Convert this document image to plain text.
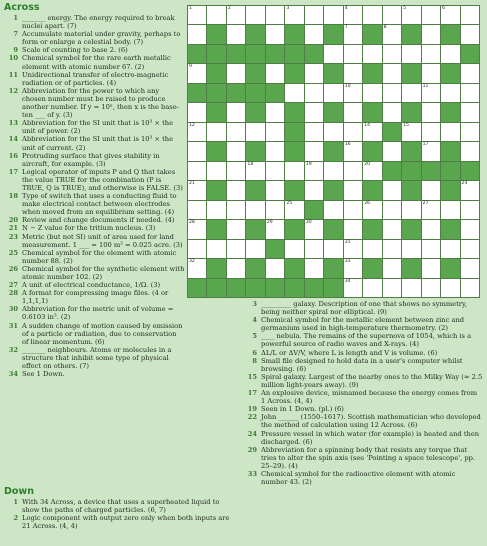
Across
1 _______ energy. The energy required to break nuclei apart. (7)
7 Accumulate material under gravity, perhaps to form or enlarge a celestial body. (7)
9 Scale of counting to base 2. (6)
10 Chemical symbol for the rare earth metallic element with atomic number 67. (2)
11 Unidirectional transfer of electro-magnetic radiation or of particles. (4)
12 Abbreviation for the power to which any chosen number must be raised to produce another number. If y = 10ˣ, then x is the base-ten ___ of y. (3)
13 Abbreviation for the SI unit that is 10³ × the unit of power. (2)
14 Abbreviation for the SI unit that is 10³ × the unit of current. (2)
16 Protruding surface that gives stability in aircraft, for example. (3)
17 Logical operator of inputs P and Q that takes the value TRUE for the combination (P is TRUE, Q is TRUE), and otherwise is FALSE. (3)
18 Type of switch that uses a conducting fluid to make electrical contact between electrodes when moved from an equilibrium setting. (4)
20 Review and change documents if needed. (4)
21 N − Z value for the tritium nucleus. (3)
23 Metric (but not SI) unit of area used for land measurement. 1 ___ = 100 m² = 0.025 acre. (3)
25 Chemical symbol for the element with atomic number 88. (2)
26 Chemical symbol for the synthetic element with atomic number 102. (2)
27 A unit of electrical conductance, 1/Ω. (3)
28 A format for compressing image files. (4 or 1,1,1,1)
30 Abbreviation for the metric unit of volume = 0.6103 in³. (2)
31 A sudden change of motion caused by emission of a particle or radiation, due to conservation of linear momentum. (6)
32 _______ neighbours. Atoms or molecules in a structure that inhibit some type of physical effect on others. (7)
34 See 1 Down.
Down
1 With 34 Across, a device that uses a superheated liquid to show the paths of charged particles. (6, 7)
2 Logic component with output zero only when both inputs are 21 Across. (4, 4)
3 _________ galaxy. Description of one that shows no symmetry, being neither spiral nor elliptical. (9)
4 Chemical symbol for the metallic element between zinc and germanium used in high-temperature thermometry. (2)
5 ____ nebula. The remains of the supernova of 1054, which is a powerful source of radio waves and X-rays. (4)
6 ΔL/L or ΔV/V, where L is length and V is volume. (6)
8 Small file designed to hold data in a user's computer whilst browsing. (6)
15 Spiral galaxy. Largest of the nearby ones to the Milky Way (≈ 2.5 million light-years away). (9)
17 An explosive device, misnamed because the energy comes from 1 Across. (4, 4)
19 Seen in 1 Down. (pl.) (6)
22 John ______ (1550–1617). Scottish mathematician who developed the method of calculation using 12 Across. (6)
24 Pressure vessel in which water (for example) is heated and then discharged. (6)
29 Abbreviation for a spinning body that resists any torque that tries to alter the spin axis (see 'Pointing a space telescope', pp. 25–29). (4)
33 Chemical symbol for the radioactive element with atomic number 43. (2)
1	2	3	4	5	6
7	8
9
10	11
12	14	15
16	17
18	19	20
21	24
25	26	27
28	29	30
31
32	33
34
